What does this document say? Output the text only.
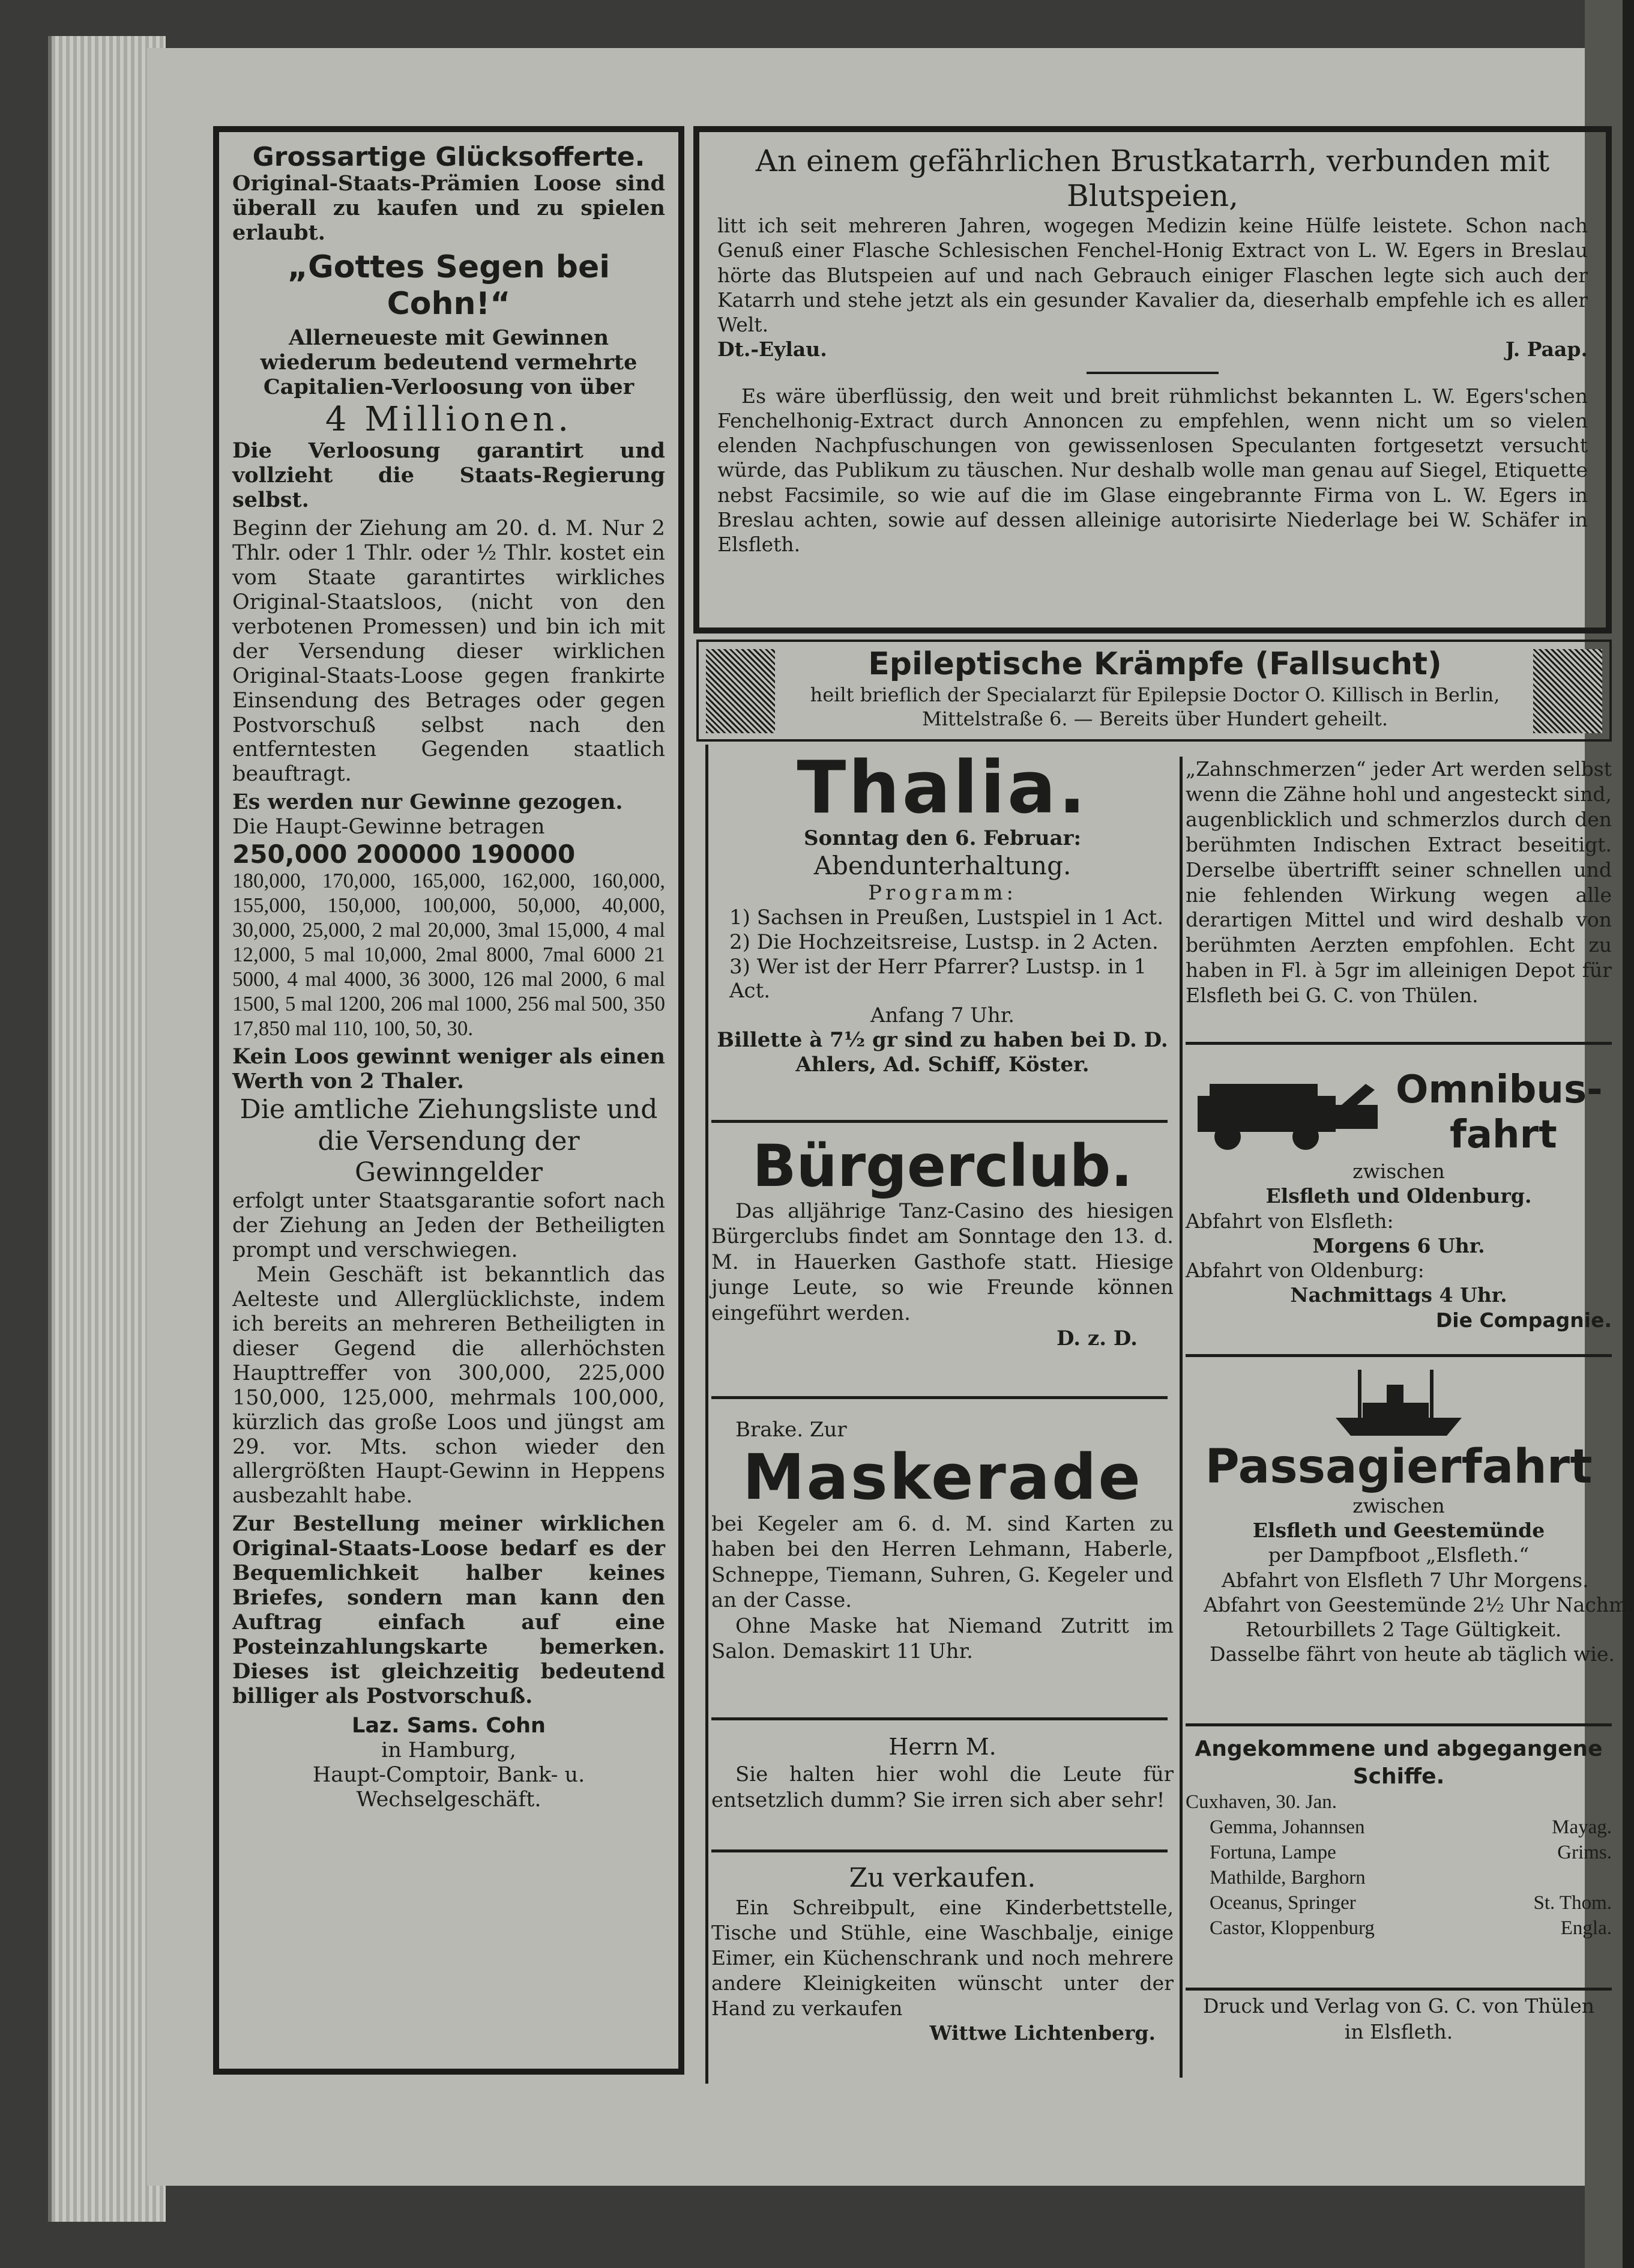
Grossartige Glücksofferte.

Original-Staats-Prämien Loose sind überall zu kaufen und zu spielen erlaubt.

„Gottes Segen bei Cohn!“

Allerneueste mit Gewinnen wiederum bedeutend vermehrte Capitalien-Verloosung von über

4 Millionen.

Die Verloosung garantirt und vollzieht die Staats-Regierung selbst.

Beginn der Ziehung am 20. d. M. Nur 2 Thlr. oder 1 Thlr. oder ½ Thlr. kostet ein vom Staate garantirtes wirkliches Original-Staatsloos, (nicht von den verbotenen Promessen) und bin ich mit der Versendung dieser wirklichen Original-Staats-Loose gegen frankirte Einsendung des Betrages oder gegen Postvorschuß selbst nach den entferntesten Gegenden staatlich beauftragt.

Es werden nur Gewinne gezogen.

Die Haupt-Gewinne betragen

250,000 200000 190000

180,000, 170,000, 165,000, 162,000, 160,000, 155,000, 150,000, 100,000, 50,000, 40,000, 30,000, 25,000, 2 mal 20,000, 3mal 15,000, 4 mal 12,000, 5 mal 10,000, 2mal 8000, 7mal 6000 21 5000, 4 mal 4000, 36 3000, 126 mal 2000, 6 mal 1500, 5 mal 1200, 206 mal 1000, 256 mal 500, 350 17,850 mal 110, 100, 50, 30.

Kein Loos gewinnt weniger als einen Werth von 2 Thaler.

Die amtliche Ziehungsliste und die Versendung der Gewinngelder

erfolgt unter Staatsgarantie sofort nach der Ziehung an Jeden der Betheiligten prompt und verschwiegen.

Mein Geschäft ist bekanntlich das Aelteste und Allerglücklichste, indem ich bereits an mehreren Betheiligten in dieser Gegend die allerhöchsten Haupttreffer von 300,000, 225,000 150,000, 125,000, mehrmals 100,000, kürzlich das große Loos und jüngst am 29. vor. Mts. schon wieder den allergrößten Haupt-Gewinn in Heppens ausbezahlt habe.

Zur Bestellung meiner wirklichen Original-Staats-Loose bedarf es der Bequemlichkeit halber keines Briefes, sondern man kann den Auftrag einfach auf eine Posteinzahlungskarte bemerken. Dieses ist gleichzeitig bedeutend billiger als Postvorschuß.

Laz. Sams. Cohn

in Hamburg,

Haupt-Comptoir, Bank- u. Wechselgeschäft.

An einem gefährlichen Brustkatarrh, verbunden mit Blutspeien,

litt ich seit mehreren Jahren, wogegen Medizin keine Hülfe leistete. Schon nach Genuß einer Flasche Schlesischen Fenchel-Honig Extract von L. W. Egers in Breslau hörte das Blutspeien auf und nach Gebrauch einiger Flaschen legte sich auch der Katarrh und stehe jetzt als ein gesunder Kavalier da, dieserhalb empfehle ich es aller Welt.

Dt.-Eylau.	J. Paap.

Es wäre überflüssig, den weit und breit rühmlichst bekannten L. W. Egers'schen Fenchelhonig-Extract durch Annoncen zu empfehlen, wenn nicht um so vielen elenden Nachpfuschungen von gewissenlosen Speculanten fortgesetzt versucht würde, das Publikum zu täuschen. Nur deshalb wolle man genau auf Siegel, Etiquette nebst Facsimile, so wie auf die im Glase eingebrannte Firma von L. W. Egers in Breslau achten, sowie auf dessen alleinige autorisirte Niederlage bei W. Schäfer in Elsfleth.

Epileptische Krämpfe (Fallsucht)

heilt brieflich der Specialarzt für Epilepsie Doctor O. Killisch in Berlin, Mittelstraße 6. — Bereits über Hundert geheilt.

Thalia.

Sonntag den 6. Februar:

Abendunterhaltung.

Programm:

1) Sachsen in Preußen, Lustspiel in 1 Act.

2) Die Hochzeitsreise, Lustsp. in 2 Acten.

3) Wer ist der Herr Pfarrer? Lustsp. in 1 Act.

Anfang 7 Uhr.

Billette à 7½ gr sind zu haben bei D. D. Ahlers, Ad. Schiff, Köster.

„Zahnschmerzen“ jeder Art werden selbst wenn die Zähne hohl und angesteckt sind, augenblicklich und schmerzlos durch den berühmten Indischen Extract beseitigt. Derselbe übertrifft seiner schnellen und nie fehlenden Wirkung wegen alle derartigen Mittel und wird deshalb von berühmten Aerzten empfohlen. Echt zu haben in Fl. à 5gr im alleinigen Depot für Elsfleth bei G. C. von Thülen.

Omnibus-

fahrt

zwischen

Elsfleth und Oldenburg.

Abfahrt von Elsfleth:

Morgens 6 Uhr.

Abfahrt von Oldenburg:

Nachmittags 4 Uhr.

Die Compagnie.

Bürgerclub.

Das alljährige Tanz-Casino des hiesigen Bürgerclubs findet am Sonntage den 13. d. M. in Hauerken Gasthofe statt. Hiesige junge Leute, so wie Freunde können eingeführt werden.

D. z. D.

Passagierfahrt

zwischen

Elsfleth und Geestemünde

per Dampfboot „Elsfleth.“

Abfahrt von Elsfleth 7 Uhr Morgens.

Abfahrt von Geestemünde 2½ Uhr Nachm.

Retourbillets 2 Tage Gültigkeit.

Dasselbe fährt von heute ab täglich wie.

Brake. Zur

Maskerade

bei Kegeler am 6. d. M. sind Karten zu haben bei den Herren Lehmann, Haberle, Schneppe, Tiemann, Suhren, G. Kegeler und an der Casse.

Ohne Maske hat Niemand Zutritt im Salon. Demaskirt 11 Uhr.

Herrn M.

Sie halten hier wohl die Leute für entsetzlich dumm? Sie irren sich aber sehr!

Angekommene und abgegangene Schiffe.

Cuxhaven, 30. Jan.

Gemma, Johannsen	Mayag.
Fortuna, Lampe	Grims.
Mathilde, Barghorn
Oceanus, Springer	St. Thom.
Castor, Kloppenburg	Engla.

Zu verkaufen.

Ein Schreibpult, eine Kinderbettstelle, Tische und Stühle, eine Waschbalje, einige Eimer, ein Küchenschrank und noch mehrere andere Kleinigkeiten wünscht unter der Hand zu verkaufen

Wittwe Lichtenberg.

Druck und Verlag von G. C. von Thülen

in Elsfleth.
